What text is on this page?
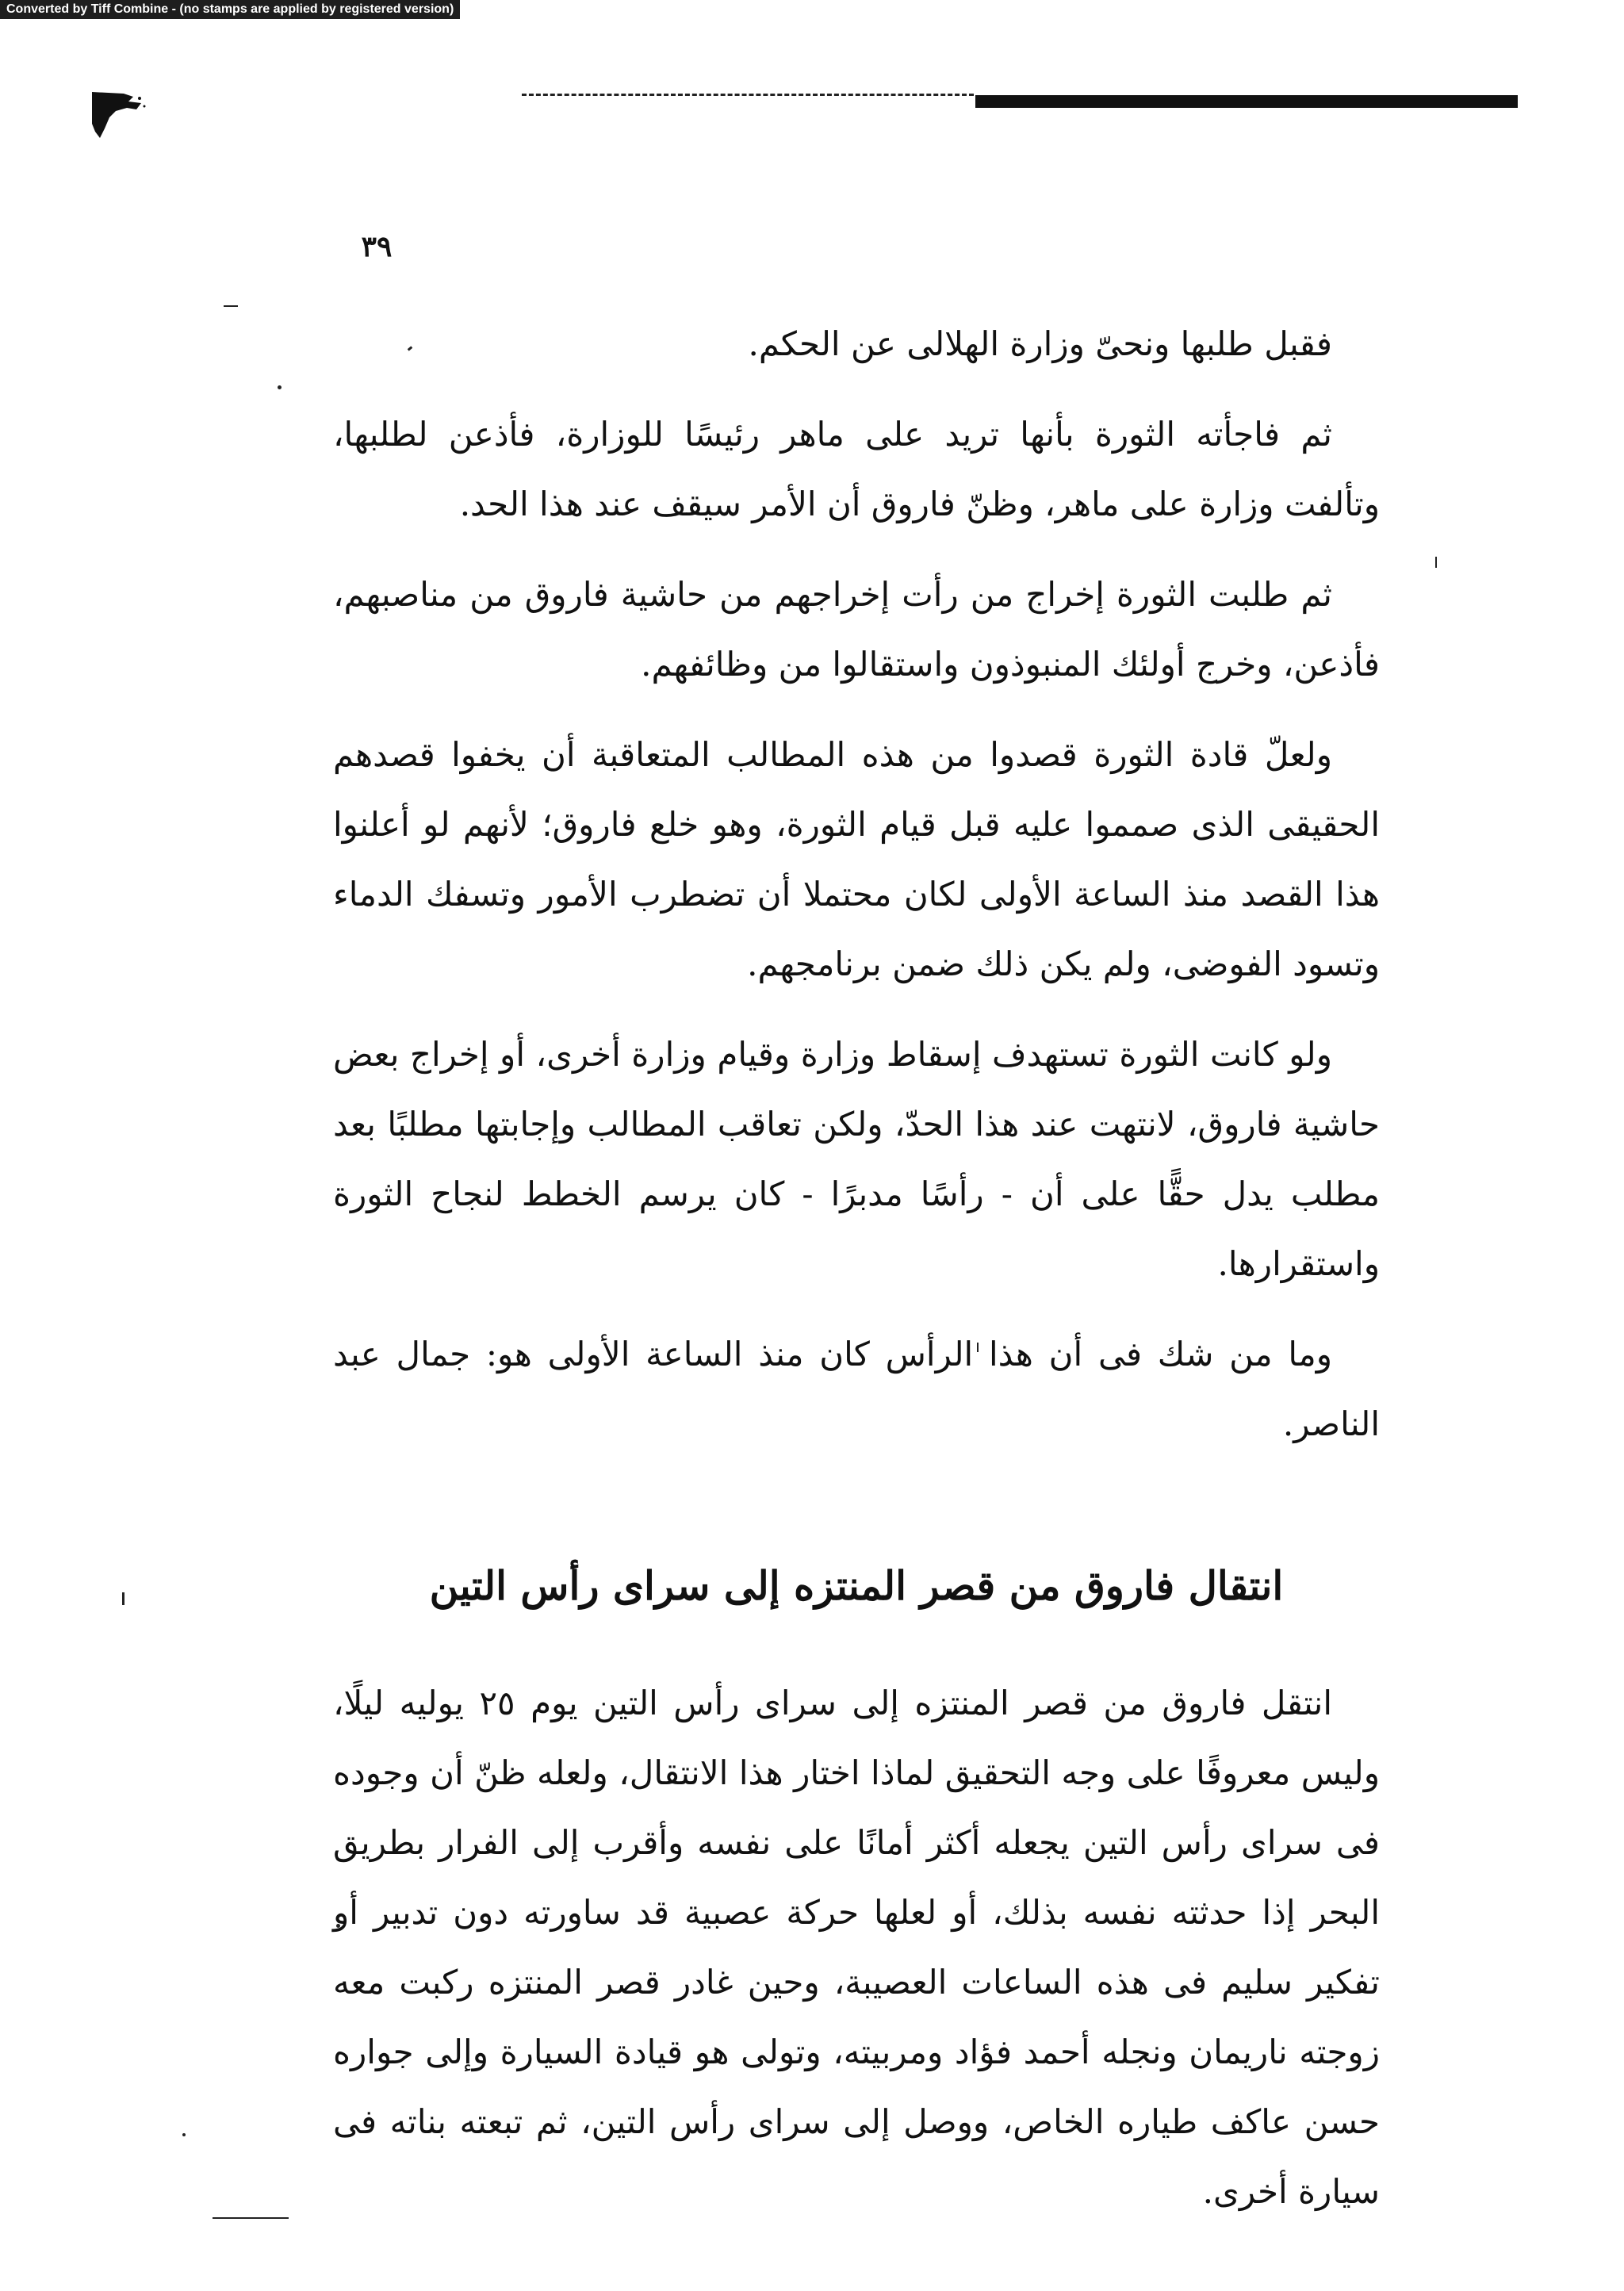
Converted by Tiff Combine - (no stamps are applied by registered version)
٣٩

فقبل طلبها ونحىّ وزارة الهلالى عن الحكم.

ثم فاجأته الثورة بأنها تريد على ماهر رئيسًا للوزارة، فأذعن لطلبها، وتألفت وزارة على ماهر، وظنّ فاروق أن الأمر سيقف عند هذا الحد.

ثم طلبت الثورة إخراج من رأت إخراجهم من حاشية فاروق من مناصبهم، فأذعن، وخرج أولئك المنبوذون واستقالوا من وظائفهم.

ولعلّ قادة الثورة قصدوا من هذه المطالب المتعاقبة أن يخفوا قصدهم الحقيقى الذى صمموا عليه قبل قيام الثورة، وهو خلع فاروق؛ لأنهم لو أعلنوا هذا القصد منذ الساعة الأولى لكان محتملا أن تضطرب الأمور وتسفك الدماء وتسود الفوضى، ولم يكن ذلك ضمن برنامجهم.

ولو كانت الثورة تستهدف إسقاط وزارة وقيام وزارة أخرى، أو إخراج بعض حاشية فاروق، لانتهت عند هذا الحدّ، ولكن تعاقب المطالب وإجابتها مطلبًا بعد مطلب يدل حقًّا على أن - رأسًا مدبرًا - كان يرسم الخطط لنجاح الثورة واستقرارها.

وما من شك فى أن هذا الرأس كان منذ الساعة الأولى هو: جمال عبد الناصر.

انتقال فاروق من قصر المنتزه إلى سراى رأس التين

انتقل فاروق من قصر المنتزه إلى سراى رأس التين يوم ٢٥ يوليه ليلًا، وليس معروفًا على وجه التحقيق لماذا اختار هذا الانتقال، ولعله ظنّ أن وجوده فى سراى رأس التين يجعله أكثر أمانًا على نفسه وأقرب إلى الفرار بطريق البحر إذا حدثته نفسه بذلك، أو لعلها حركة عصبية قد ساورته دون تدبير أو تفكير سليم فى هذه الساعات العصيبة، وحين غادر قصر المنتزه ركبت معه زوجته ناريمان ونجله أحمد فؤاد ومربيته، وتولى هو قيادة السيارة وإلى جواره حسن عاكف طياره الخاص، ووصل إلى سراى رأس التين، ثم تبعته بناته فى سيارة أخرى.
